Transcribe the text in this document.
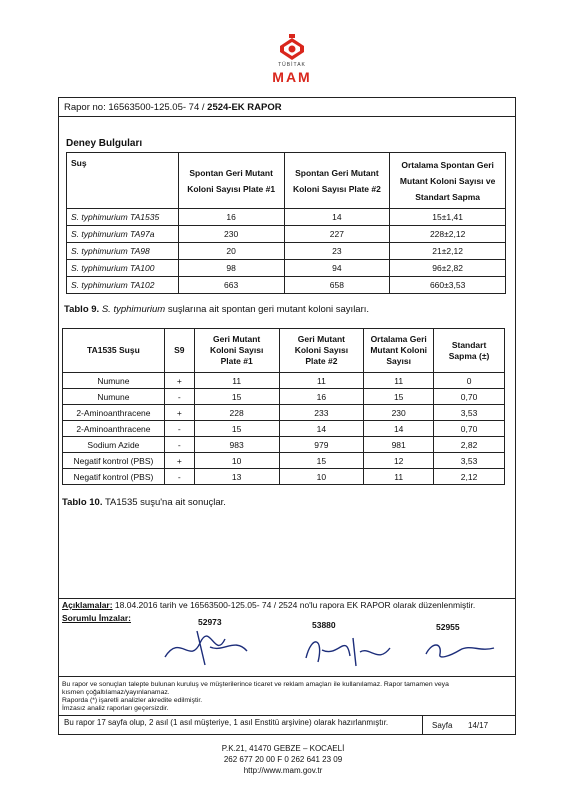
TÜBİTAK
MAM
Rapor no: 16563500-125.05- 74 / 2524-EK RAPOR
Deney Bulguları
Suş	Spontan Geri Mutant Koloni Sayısı Plate #1	Spontan Geri Mutant Koloni Sayısı Plate #2	Ortalama Spontan Geri Mutant Koloni Sayısı ve Standart Sapma
S. typhimurium TA1535	16	14	15±1,41
S. typhimurium TA97a	230	227	228±2,12
S. typhimurium TA98	20	23	21±2,12
S. typhimurium TA100	98	94	96±2,82
S. typhimurium TA102	663	658	660±3,53
Tablo 9. S. typhimurium suşlarına ait spontan geri mutant koloni sayıları.
TA1535 Suşu	S9	Geri Mutant Koloni Sayısı Plate #1	Geri Mutant Koloni Sayısı Plate #2	Ortalama Geri Mutant Koloni Sayısı	Standart Sapma (±)
Numune	+	11	11	11	0
Numune	-	15	16	15	0,70
2-Aminoanthracene	+	228	233	230	3,53
2-Aminoanthracene	-	15	14	14	0,70
Sodium Azide	-	983	979	981	2,82
Negatif kontrol (PBS)	+	10	15	12	3,53
Negatif kontrol (PBS)	-	13	10	11	2,12
Tablo 10. TA1535 suşu'na ait sonuçlar.
Açıklamalar: 18.04.2016 tarih ve 16563500-125.05- 74 / 2524 no'lu rapora EK RAPOR olarak düzenlenmiştir.
Sorumlu İmzalar:	52973	53880	52955
Bu rapor ve sonuçları talepte bulunan kuruluş ve müşterilerince ticaret ve reklam amaçları ile kullanılamaz. Rapor tamamen veya
kısmen çoğaltılamaz/yayınlanamaz.
Raporda (*) işaretli analizler akredite edilmiştir.
İmzasız analiz raporları geçersizdir.
Bu rapor 17 sayfa olup, 2 asıl (1 asıl müşteriye, 1 asıl Enstitü arşivine) olarak hazırlanmıştır.	Sayfa 14/17
P.K.21, 41470 GEBZE – KOCAELİ
262 677 20 00 F 0 262 641 23 09
http://www.mam.gov.tr
